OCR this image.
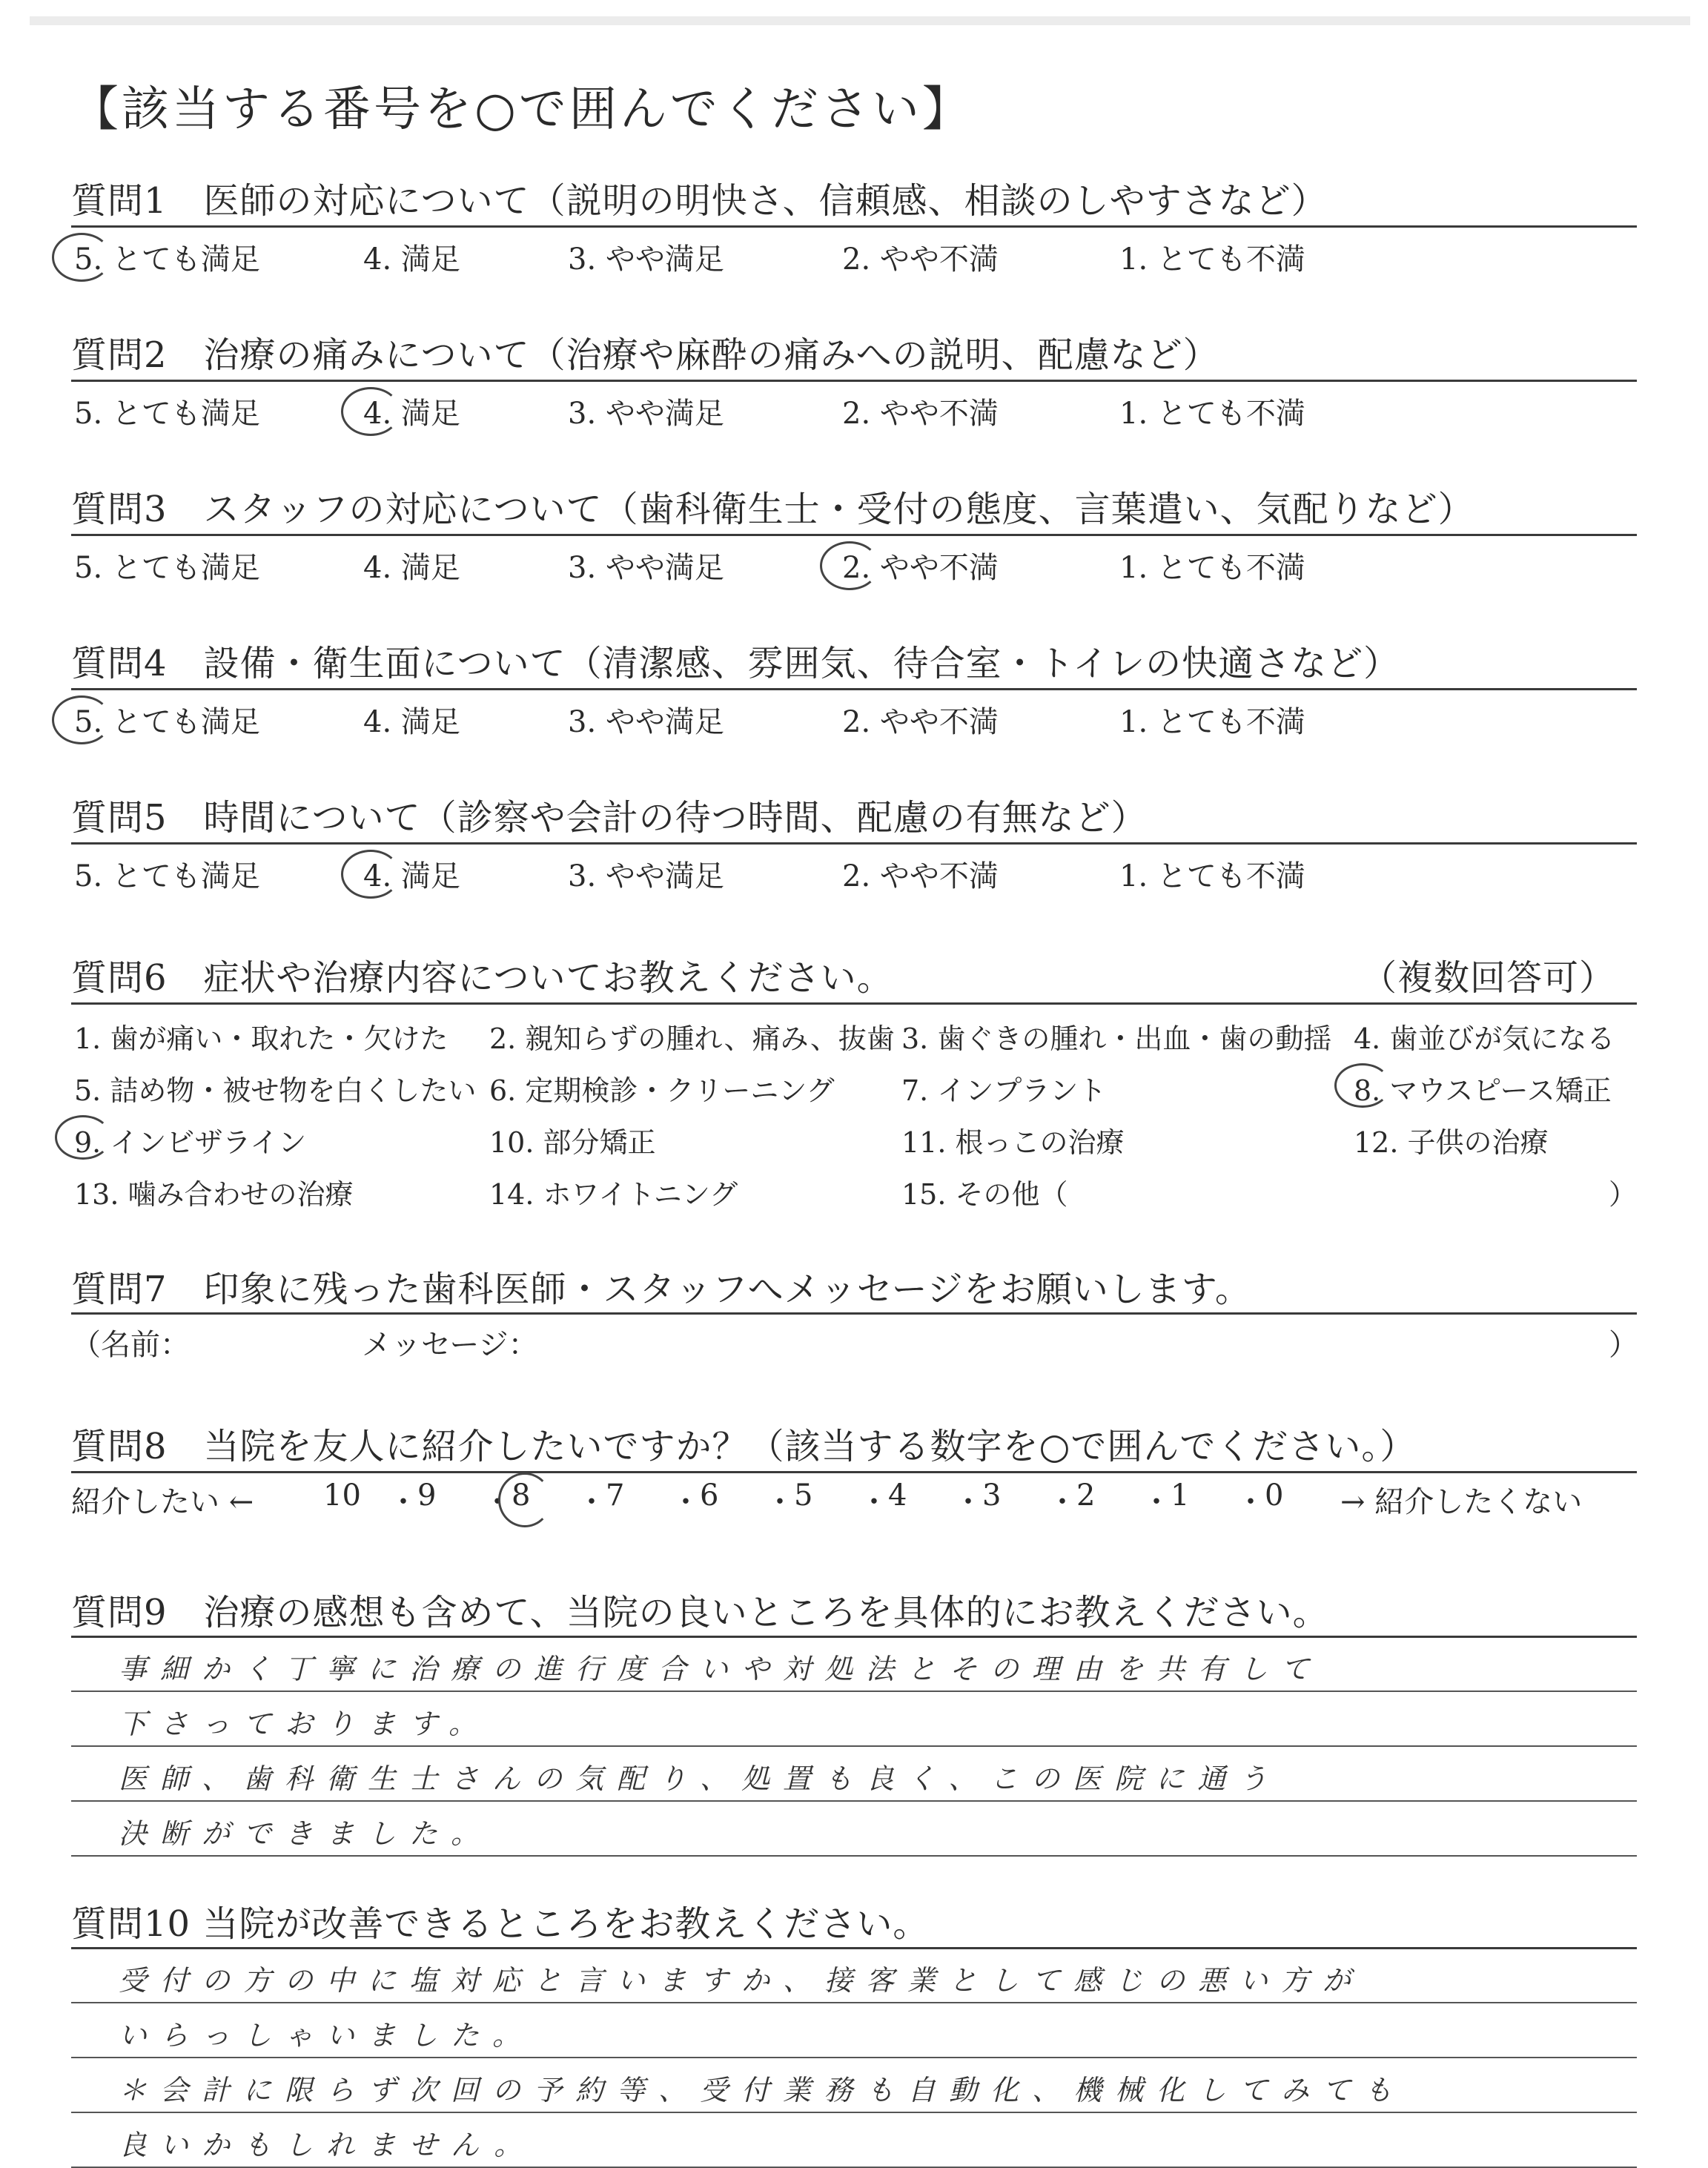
【該当する番号を○で囲んでください】
質問1　医師の対応について（説明の明快さ、信頼感、相談のしやすさなど）
5. とても満足	4. 満足	3. やや満足	2. やや不満	1. とても不満
質問2　治療の痛みについて（治療や麻酔の痛みへの説明、配慮など）
5. とても満足	4. 満足	3. やや満足	2. やや不満	1. とても不満
質問3　スタッフの対応について（歯科衛生士・受付の態度、言葉遣い、気配りなど）
5. とても満足	4. 満足	3. やや満足	2. やや不満	1. とても不満
質問4　設備・衛生面について（清潔感、雰囲気、待合室・トイレの快適さなど）
5. とても満足	4. 満足	3. やや満足	2. やや不満	1. とても不満
質問5　時間について（診察や会計の待つ時間、配慮の有無など）
5. とても満足	4. 満足	3. やや満足	2. やや不満	1. とても不満
質問6　症状や治療内容についてお教えください。	（複数回答可）
1. 歯が痛い・取れた・欠けた 2. 親知らずの腫れ、痛み、抜歯 3. 歯ぐきの腫れ・出血・歯の動揺 4. 歯並びが気になる
5. 詰め物・被せ物を白くしたい 6. 定期検診・クリーニング 7. インプラント	8. マウスピース矯正
9. インビザライン	10. 部分矯正	11. 根っこの治療	12. 子供の治療
13. 噛み合わせの治療	14. ホワイトニング	15. その他（	）
質問7　印象に残った歯科医師・スタッフへメッセージをお願いします。
（名前：	メッセージ：	）
質問8　当院を友人に紹介したいですか？（該当する数字を○で囲んでください。）
紹介したい ← 10 ・ 9 ・ 8 ・ 7 ・ 6 ・ 5 ・ 4 ・ 3 ・ 2 ・ 1 ・ 0 → 紹介したくない
質問9　治療の感想も含めて、当院の良いところを具体的にお教えください。
事細かく丁寧に治療の進行度合いや対処法とその理由を共有して
下さっております。
医師、歯科衛生士さんの気配り、処置も良く、この医院に通う
決断ができました。
質問10 当院が改善できるところをお教えください。
受付の方の中に塩対応と言いますか、接客業として感じの悪い方が
いらっしゃいました。
＊会計に限らず次回の予約等、受付業務も自動化、機械化してみても
良いかもしれません。
